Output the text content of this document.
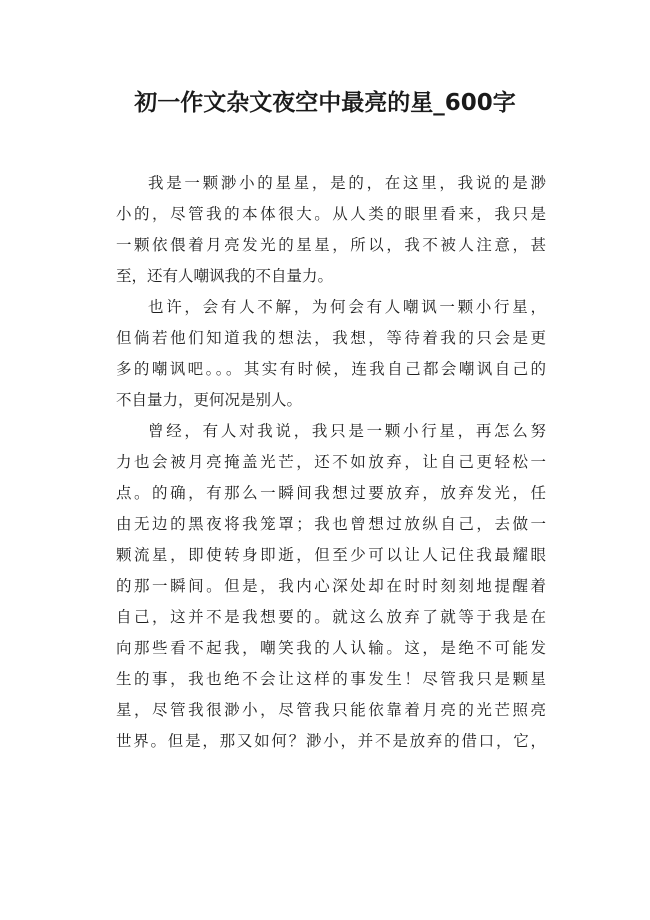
初一作文杂文夜空中最亮的星_600字
我是一颗渺小的星星，是的，在这里，我说的是渺
小的，尽管我的本体很大。从人类的眼里看来，我只是
一颗依偎着月亮发光的星星，所以，我不被人注意，甚
至，还有人嘲讽我的不自量力。
也许，会有人不解，为何会有人嘲讽一颗小行星，
但倘若他们知道我的想法，我想，等待着我的只会是更
多的嘲讽吧。。。其实有时候，连我自己都会嘲讽自己的
不自量力，更何况是别人。
曾经，有人对我说，我只是一颗小行星，再怎么努
力也会被月亮掩盖光芒，还不如放弃，让自己更轻松一
点。的确，有那么一瞬间我想过要放弃，放弃发光，任
由无边的黑夜将我笼罩；我也曾想过放纵自己，去做一
颗流星，即使转身即逝，但至少可以让人记住我最耀眼
的那一瞬间。但是，我内心深处却在时时刻刻地提醒着
自己，这并不是我想要的。就这么放弃了就等于我是在
向那些看不起我，嘲笑我的人认输。这，是绝不可能发
生的事，我也绝不会让这样的事发生！尽管我只是颗星
星，尽管我很渺小，尽管我只能依靠着月亮的光芒照亮
世界。但是，那又如何？渺小，并不是放弃的借口，它，
